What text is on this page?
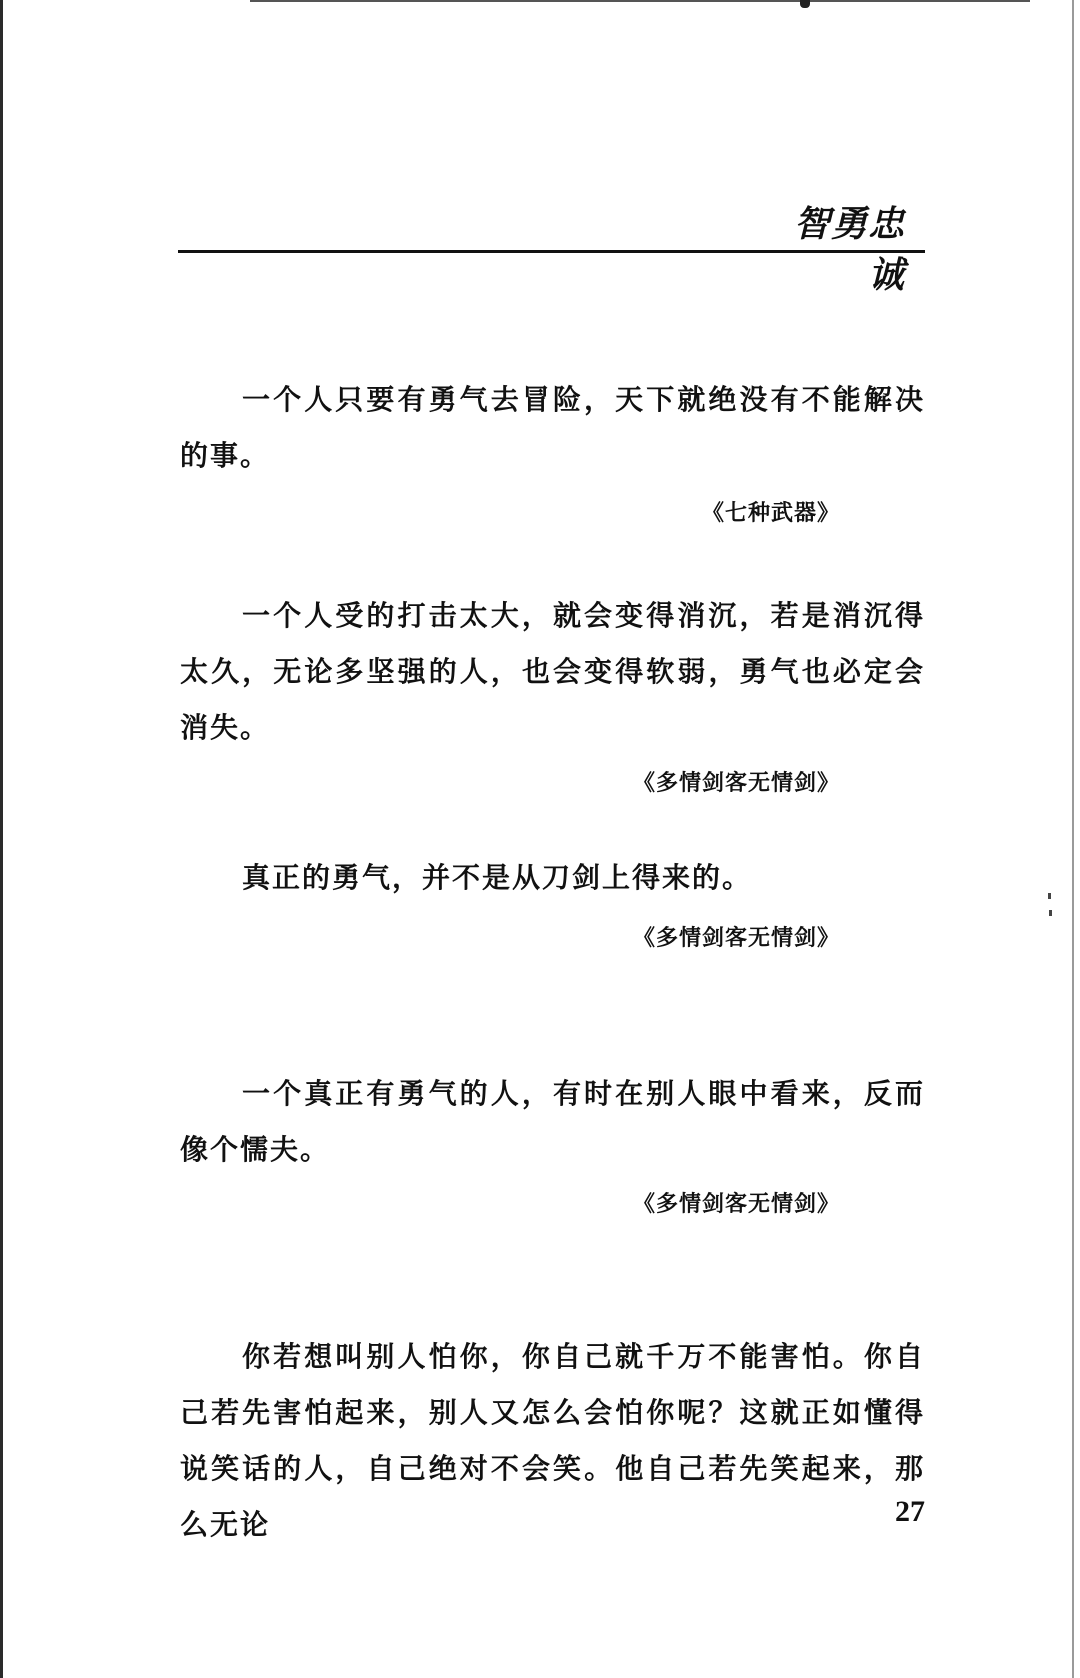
智勇忠诚

一个人只要有勇气去冒险，天下就绝没有不能解决的事。

《七种武器》

一个人受的打击太大，就会变得消沉，若是消沉得太久，无论多坚强的人，也会变得软弱，勇气也必定会消失。

《多情剑客无情剑》

真正的勇气，并不是从刀剑上得来的。

《多情剑客无情剑》

一个真正有勇气的人，有时在别人眼中看来，反而像个懦夫。

《多情剑客无情剑》

你若想叫别人怕你，你自己就千万不能害怕。你自己若先害怕起来，别人又怎么会怕你呢？这就正如懂得说笑话的人，自己绝对不会笑。他自己若先笑起来，那么无论	27
